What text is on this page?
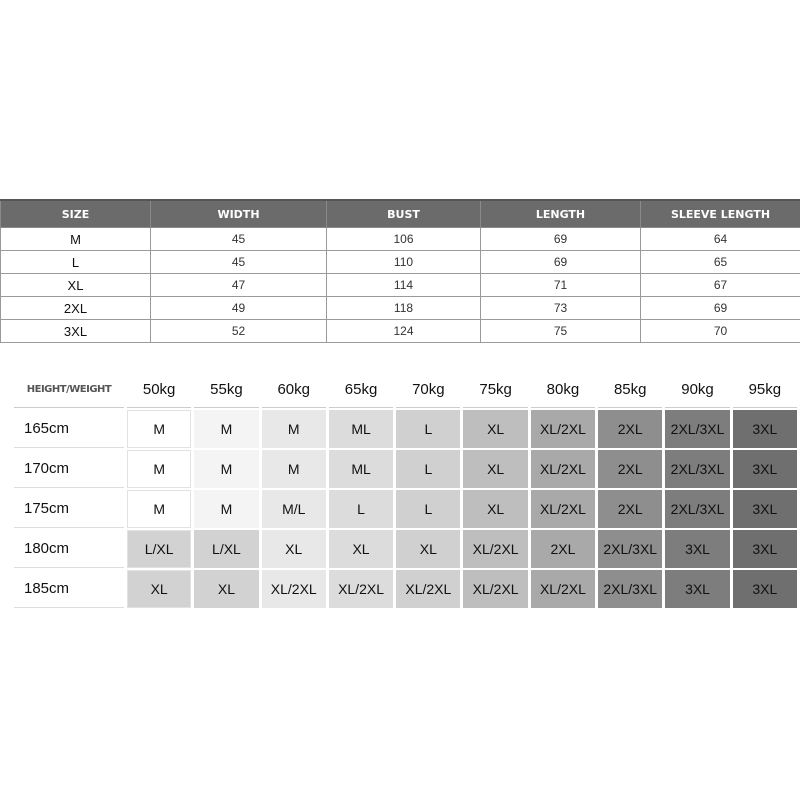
SIZE	WIDTH	BUST	LENGTH	SLEEVE LENGTH
M	45	106	69	64
L	45	110	69	65
XL	47	114	71	67
2XL	49	118	73	69
3XL	52	124	75	70
HEIGHT/WEIGHT	50kg	55kg	60kg	65kg	70kg	75kg	80kg	85kg	90kg	95kg
165cm	M	M	M	ML	L	XL	XL/2XL	2XL	2XL/3XL	3XL
170cm	M	M	M	ML	L	XL	XL/2XL	2XL	2XL/3XL	3XL
175cm	M	M	M/L	L	L	XL	XL/2XL	2XL	2XL/3XL	3XL
180cm	L/XL	L/XL	XL	XL	XL	XL/2XL	2XL	2XL/3XL	3XL	3XL
185cm	XL	XL	XL/2XL	XL/2XL	XL/2XL	XL/2XL	XL/2XL	2XL/3XL	3XL	3XL
